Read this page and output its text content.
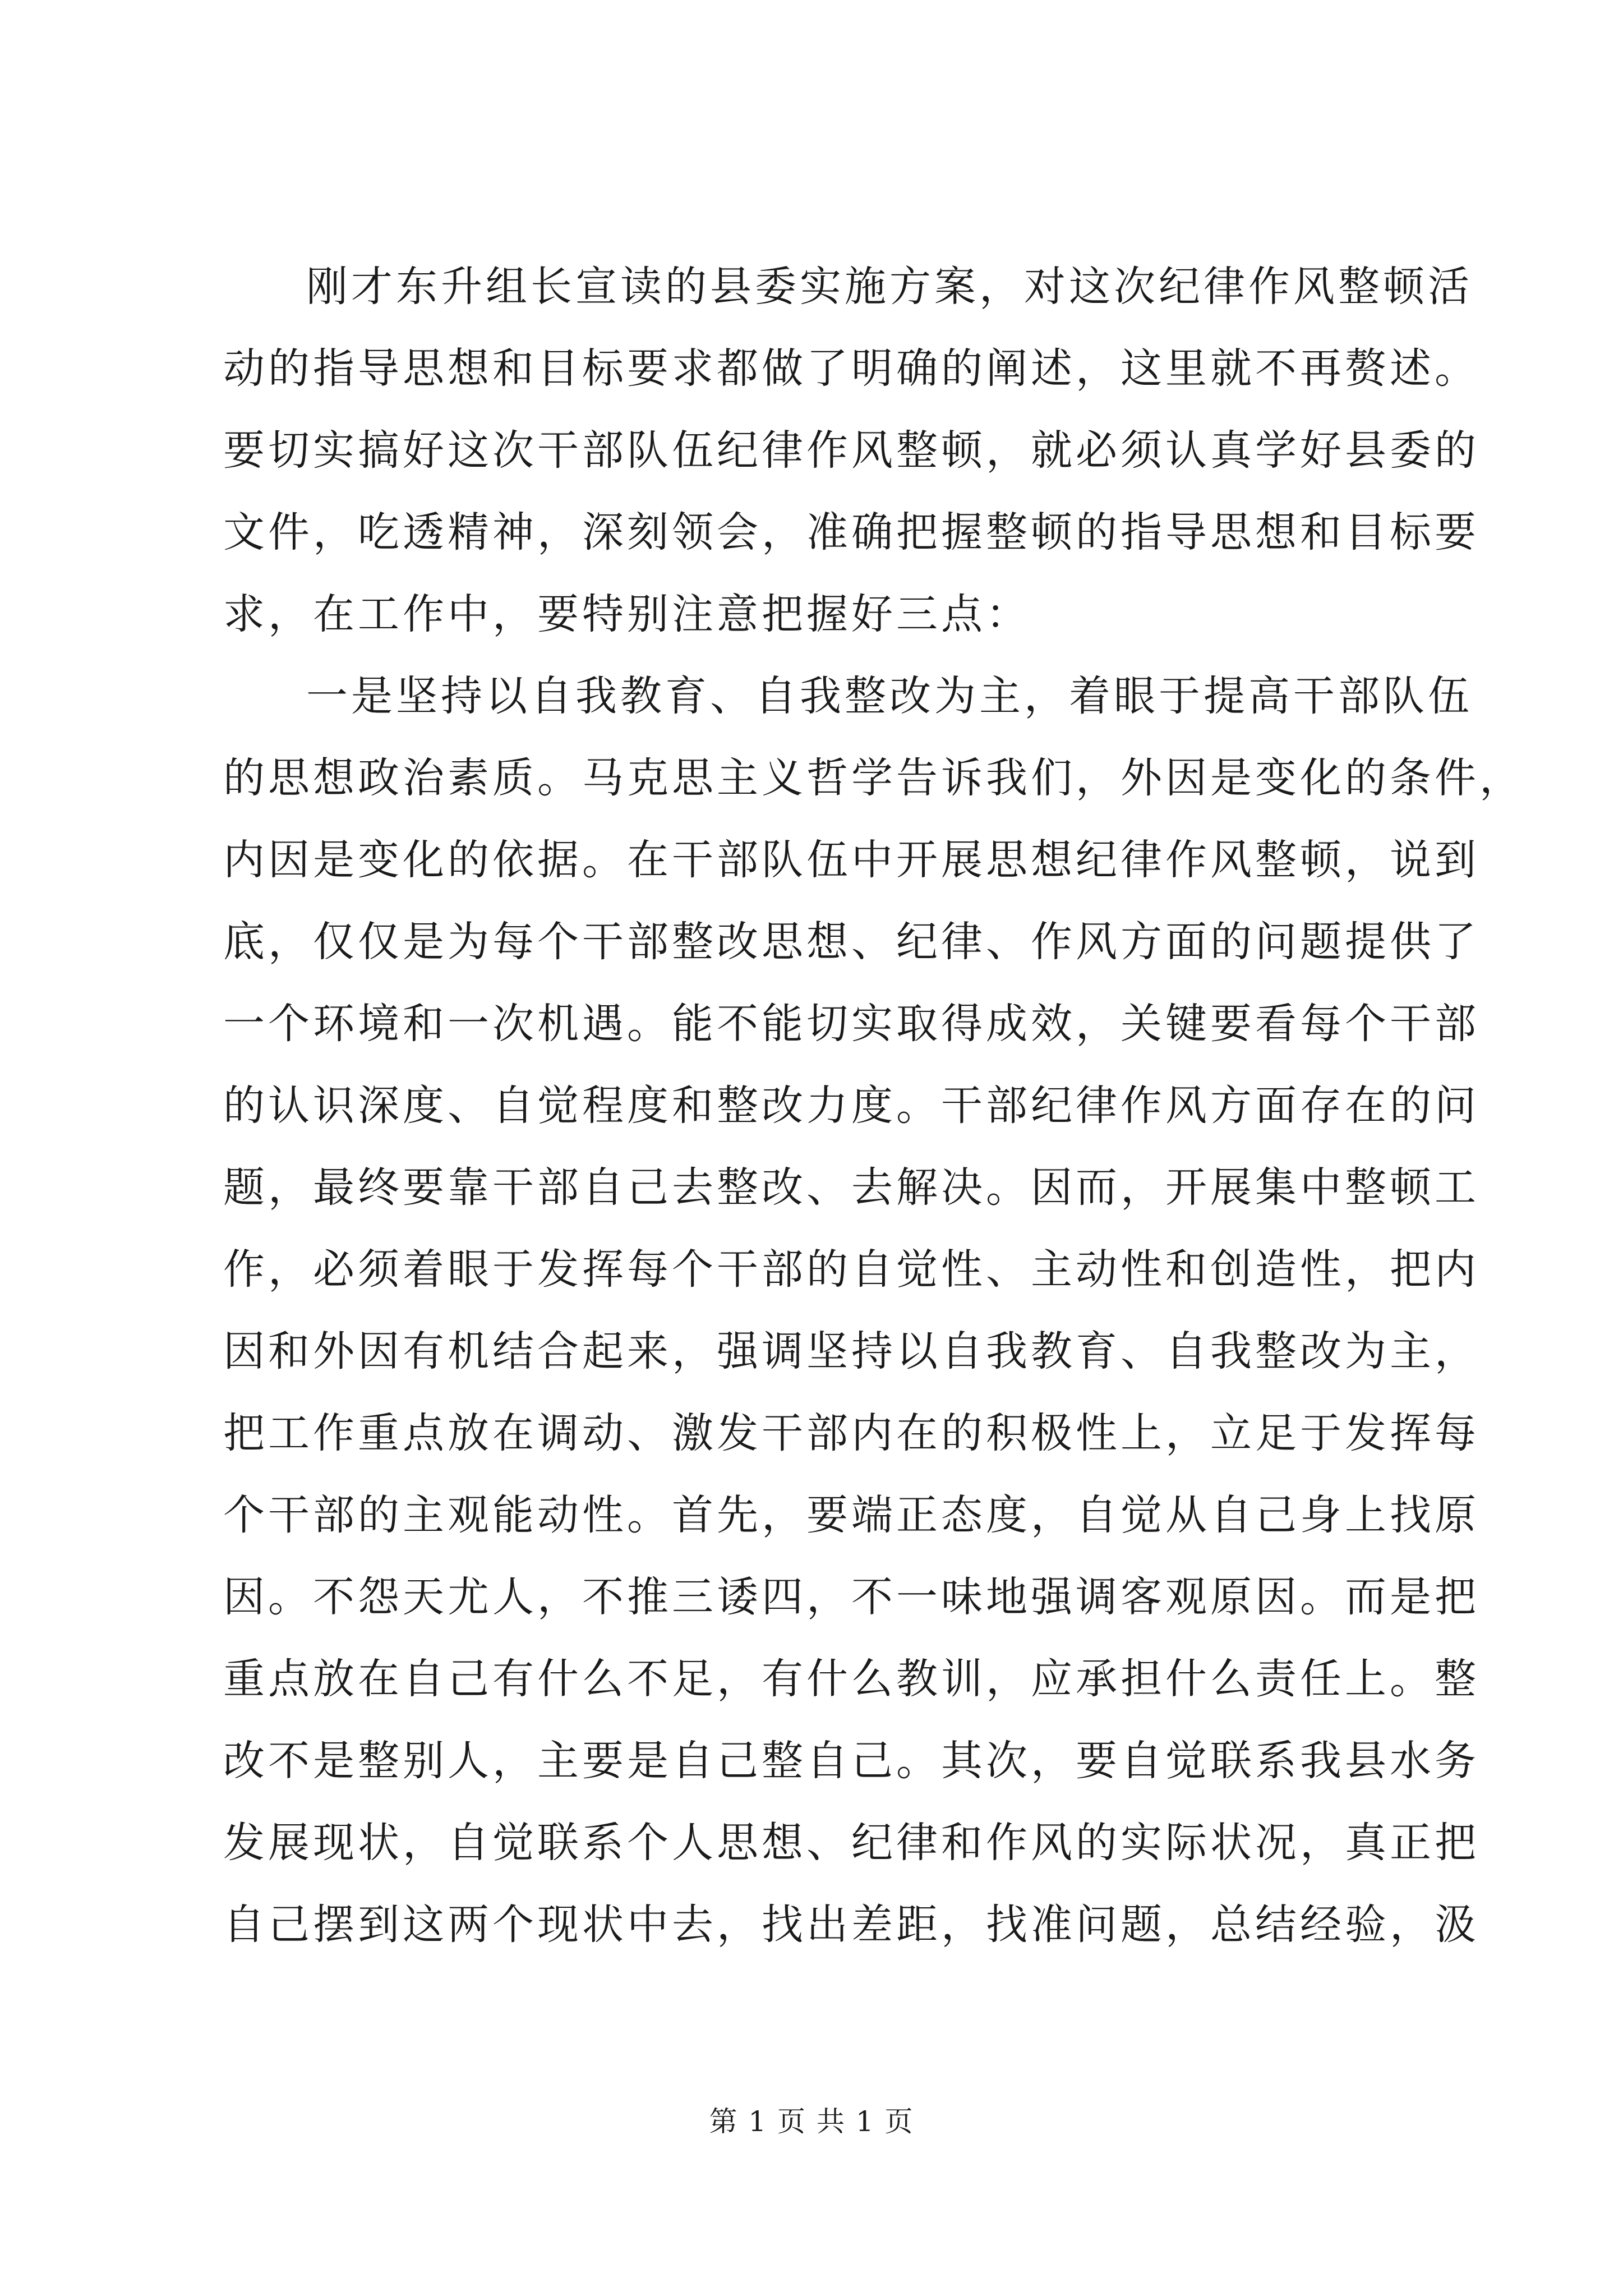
刚才东升组长宣读的县委实施方案，对这次纪律作风整顿活
动的指导思想和目标要求都做了明确的阐述，这里就不再赘述。
要切实搞好这次干部队伍纪律作风整顿，就必须认真学好县委的
文件，吃透精神，深刻领会，准确把握整顿的指导思想和目标要
求，在工作中，要特别注意把握好三点：
一是坚持以自我教育、自我整改为主，着眼于提高干部队伍
的思想政治素质。马克思主义哲学告诉我们，外因是变化的条件，
内因是变化的依据。在干部队伍中开展思想纪律作风整顿，说到
底，仅仅是为每个干部整改思想、纪律、作风方面的问题提供了
一个环境和一次机遇。能不能切实取得成效，关键要看每个干部
的认识深度、自觉程度和整改力度。干部纪律作风方面存在的问
题，最终要靠干部自己去整改、去解决。因而，开展集中整顿工
作，必须着眼于发挥每个干部的自觉性、主动性和创造性，把内
因和外因有机结合起来，强调坚持以自我教育、自我整改为主，
把工作重点放在调动、激发干部内在的积极性上，立足于发挥每
个干部的主观能动性。首先，要端正态度，自觉从自己身上找原
因。不怨天尤人，不推三诿四，不一味地强调客观原因。而是把
重点放在自己有什么不足，有什么教训，应承担什么责任上。整
改不是整别人，主要是自己整自己。其次，要自觉联系我县水务
发展现状，自觉联系个人思想、纪律和作风的实际状况，真正把
自己摆到这两个现状中去，找出差距，找准问题，总结经验，汲
第 1 页 共 1 页
